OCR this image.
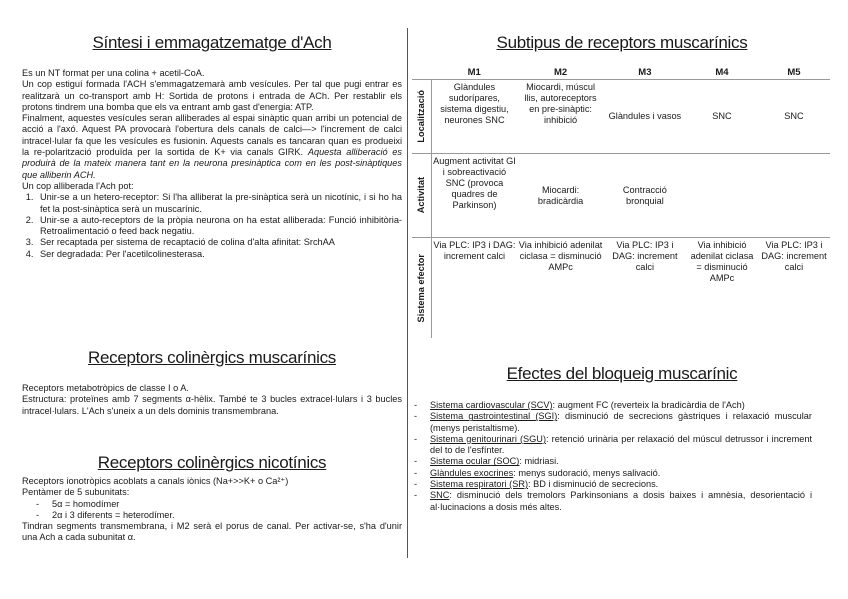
Síntesi i emmagatzematge d'Ach

Es un NT format per una colina + acetil-CoA.

Un cop estiguí formada l'ACH s'emmagatzemarà amb vesícules. Per tal que pugi entrar es realitzarà un co-transport amb H: Sortida de protons i entrada de ACh. Per restablir els protons tindrem una bomba que els va entrant amb gast d'energia: ATP.

Finalment, aquestes vesícules seran alliberades al espai sinàptic quan arribi un potencial de acció a l'axó. Aquest PA provocarà l'obertura dels canals de calci—> l'increment de calci intracel·lular fa que les vesícules es fusionin. Aquests canals es tancaran quan es produeixi la re-polarització produïda per la sortida de K+ via canals GIRK. Aquesta alliberació es produirà de la mateix manera tant en la neurona presinàptica com en les post-sinàptiques que alliberin ACH.

Un cop alliberada l'Ach pot:

1. Unir-se a un hetero-receptor: Si l'ha alliberat la pre-sinàptica serà un nicotínic, i si ho ha fet la post-sinàptica serà un muscarínic.
2. Unir-se a auto-receptors de la pròpia neurona on ha estat alliberada: Funció inhibitòria- Retroalimentació o feed back negatiu.
3. Ser recaptada per sistema de recaptació de colina d'alta afinitat: SrchAA
4. Ser degradada: Per l'acetilcolinesterasa.
Receptors colinèrgics muscarínics

Receptors metabotròpics de classe I o A.

Estructura: proteïnes amb 7 segments α-hèlix. També te 3 bucles extracel·lulars i 3 bucles intracel·lulars. L'Ach s'uneix a un dels dominis transmembrana.

Receptors colinèrgics nicotínics

Receptors ionotròpics acoblats a canals iònics (Na+>>K+ o Ca²⁺)

Pentàmer de 5 subunitats:

- 5α = homodímer
- 2α i 3 diferents = heterodímer.

Tindran segments transmembrana, i M2 serà el porus de canal. Per activar-se, s'ha d'unir una Ach a cada subunitat α.

Subtipus de receptors muscarínics
	M1	M2	M3	M4	M5

Localització	Glàndules sudorípares, sistema digestiu, neurones SNC	Miocardi, múscul llis, autoreceptors en pre-sinàptic: inhibició	Glàndules i vasos	SNC	SNC

Activitat	Augment activitat GI i sobreactivació SNC (provoca quadres de Parkinson)	Miocardi: bradicàrdia	Contracció bronquial		

Sistema efector	Via PLC: IP3 i DAG: increment calci	Via inhibició adenilat ciclasa = disminució AMPc	Via PLC: IP3 i DAG: increment calci	Via inhibició adenilat ciclasa = disminució AMPc	Via PLC: IP3 i DAG: increment calci
Efectes del bloqueig muscarínic
- Sistema cardiovascular (SCV): augment FC (reverteix la bradicàrdia de l'Ach)
- Sistema gastrointestinal (SGI): disminució de secrecions gàstriques i relaxació muscular (menys peristaltisme).
- Sistema genitourinari (SGU): retenció urinària per relaxació del múscul detrussor i increment del to de l'esfínter.
- Sistema ocular (SOC): midriasi.
- Glàndules exocrines: menys sudoració, menys salivació.
- Sistema respiratori (SR): BD i disminució de secrecions.
- SNC: disminució dels tremolors Parkinsonians a dosis baixes i amnèsia, desorientació i al·lucinacions a dosis més altes.
